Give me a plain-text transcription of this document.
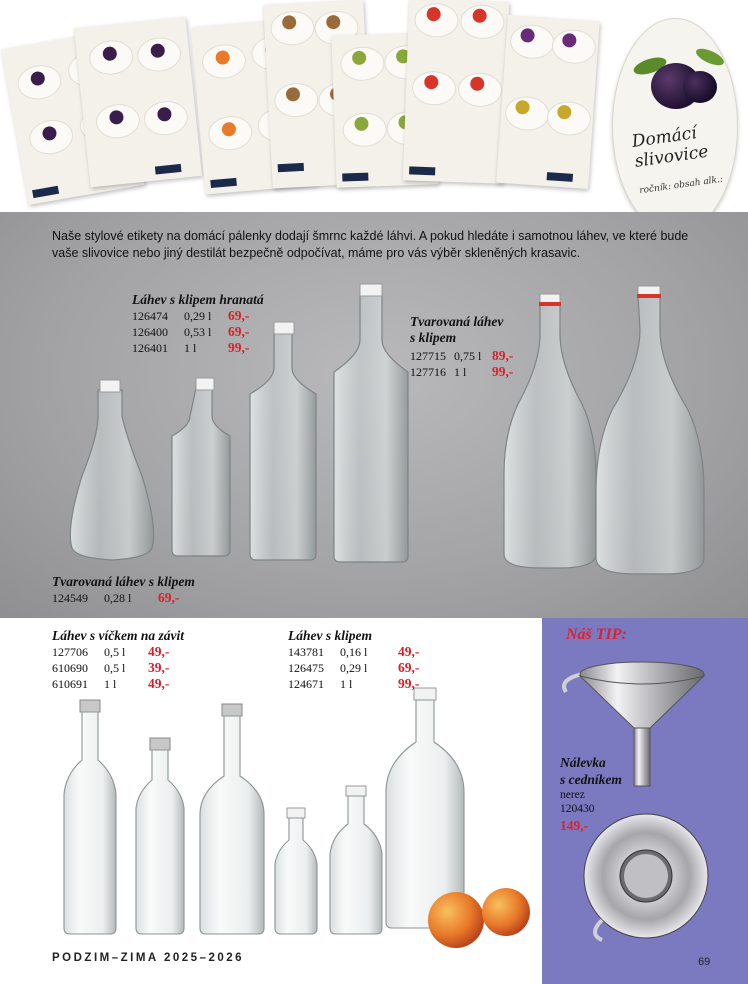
Domácí slivovice
ročník: obsah alk.:
Naše stylové etikety na domácí pálenky dodají šmrnc každé láhvi. A pokud hledáte i samotnou láhev, ve které bude vaše slivovice nebo jiný destilát bezpečně odpočívat, máme pro vás výběr skleněných krasavic.
Láhev s klipem hranatá
126474	0,29 l	69,-
126400	0,53 l	69,-
126401	1 l	99,-
Tvarovaná láhev
s klipem
127715 0,75 l 89,-
127716 1 l	99,-
Tvarovaná láhev s klipem
124549	0,28 l	69,-
Láhev s víčkem na závit
127706	0,5 l	49,-
610690	0,5 l	39,-
610691	1 l	49,-
Láhev s klipem
143781	0,16 l	49,-
126475	0,29 l	69,-
124671	1 l	99,-
PODZIM–ZIMA 2025–2026
Náš TIP:
Nálevka
s cedníkem
nerez
120430
149,-
69
